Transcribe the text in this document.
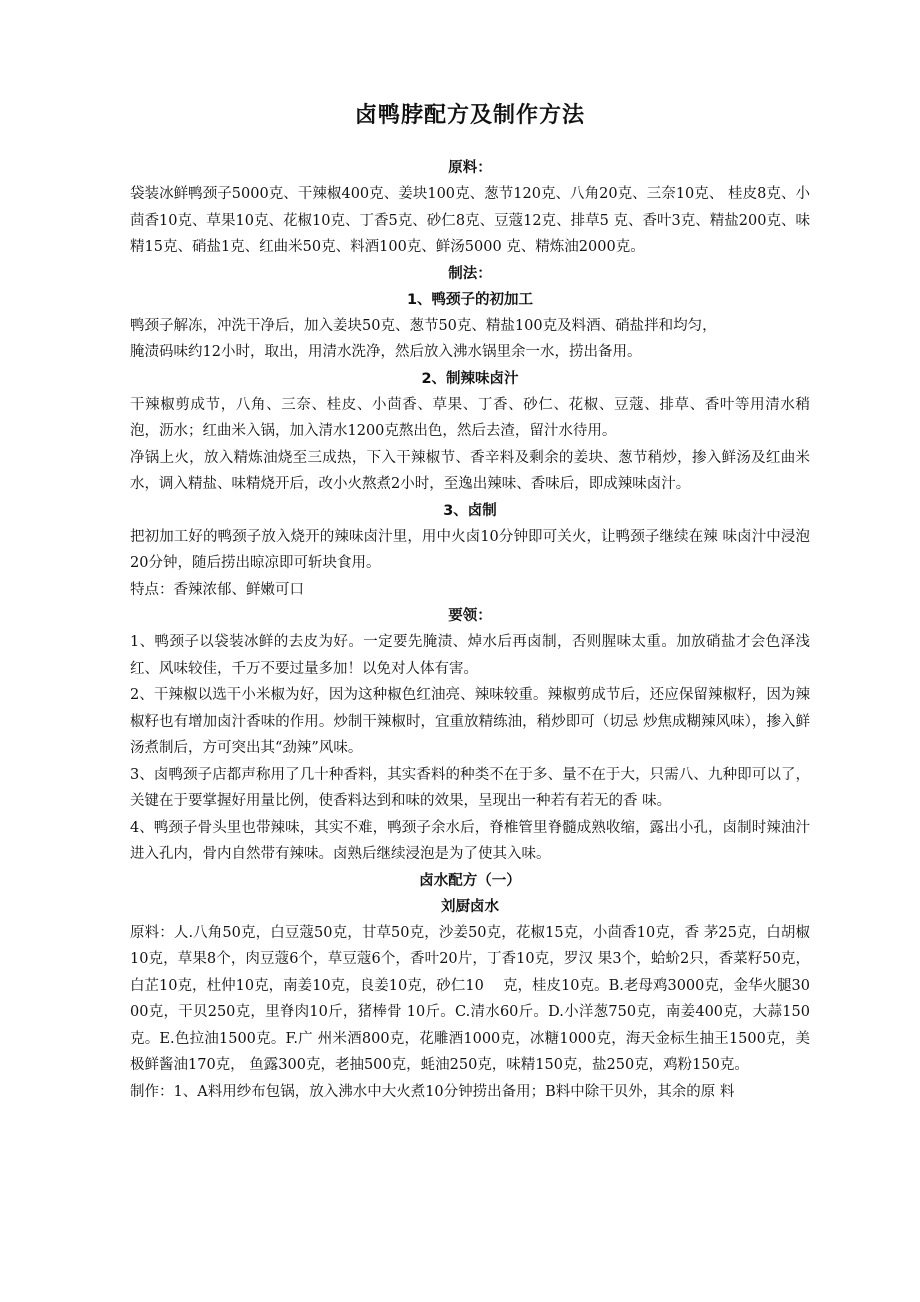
卤鸭脖配方及制作方法
原料：

袋装冰鲜鸭颈子5000克、干辣椒400克、姜块100克、葱节120克、八角20克、三奈10克、 桂皮8克、小茴香10克、草果10克、花椒10克、丁香5克、砂仁8克、豆蔻12克、排草5 克、香叶3克、精盐200克、味精15克、硝盐1克、红曲米50克、料酒100克、鲜汤5000 克、精炼油2000克。

制法：
1、鸭颈子的初加工

鸭颈子解冻，冲洗干净后，加入姜块50克、葱节50克、精盐100克及料酒、硝盐拌和均匀，

腌渍码味约12小时，取出，用清水洗净，然后放入沸水锅里余一水，捞出备用。

2、制辣味卤汁

干辣椒剪成节，八角、三奈、桂皮、小茴香、草果、丁香、砂仁、花椒、豆蔻、排草、香叶等用清水稍泡，沥水；红曲米入锅，加入清水1200克熬出色，然后去渣，留汁水待用。

净锅上火，放入精炼油烧至三成热，下入干辣椒节、香辛料及剩余的姜块、葱节稍炒，掺入鲜汤及红曲米水，调入精盐、味精烧开后，改小火熬煮2小时，至逸出辣味、香味后，即成辣味卤汁。

3、卤制

把初加工好的鸭颈子放入烧开的辣味卤汁里，用中火卤10分钟即可关火，让鸭颈子继续在辣 味卤汁中浸泡20分钟，随后捞出晾凉即可斩块食用。

特点：香辣浓郁、鲜嫩可口

要领：

1、鸭颈子以袋装冰鲜的去皮为好。一定要先腌渍、焯水后再卤制，否则腥味太重。加放硝盐才会色泽浅红、风味较佳，千万不要过量多加！以免对人体有害。

2、干辣椒以选干小米椒为好，因为这种椒色红油亮、辣味较重。辣椒剪成节后，还应保留辣椒籽，因为辣椒籽也有增加卤汁香味的作用。炒制干辣椒时，宜重放精练油，稍炒即可（切忌 炒焦成糊辣风味），掺入鲜汤煮制后，方可突出其“劲辣”风味。

3、卤鸭颈子店都声称用了几十种香料，其实香料的种类不在于多、量不在于大，只需八、九种即可以了，关键在于要掌握好用量比例，使香料达到和味的效果，呈现出一种若有若无的香 味。

4、鸭颈子骨头里也带辣味，其实不难，鸭颈子余水后，脊椎管里脊髓成熟收缩，露出小孔，卤制时辣油汁进入孔内，骨内自然带有辣味。卤熟后继续浸泡是为了使其入味。

卤水配方（一）
刘厨卤水

原料：人.八角50克，白豆蔻50克，甘草50克，沙姜50克，花椒15克，小茴香10克，香 茅25克，白胡椒10克，草果8个，肉豆蔻6个，草豆蔻6个，香叶20片，丁香10克，罗汉 果3个，蛤蚧2只，香菜籽50克，白芷10克，杜仲10克，南姜10克，良姜10克，砂仁10　 克，桂皮10克。B.老母鸡3000克，金华火腿3000克，干贝250克，里脊肉10斤，猪棒骨 10斤。C.清水60斤。D.小洋葱750克，南姜400克，大蒜150克。E.色拉油1500克。F.广 州米酒800克，花雕酒1000克，冰糖1000克，海天金标生抽王1500克，美极鲜酱油170克， 鱼露300克，老抽500克，蚝油250克，味精150克，盐250克，鸡粉150克。

制作：1、A料用纱布包锅，放入沸水中大火煮10分钟捞出备用；B料中除干贝外，其余的原 料
